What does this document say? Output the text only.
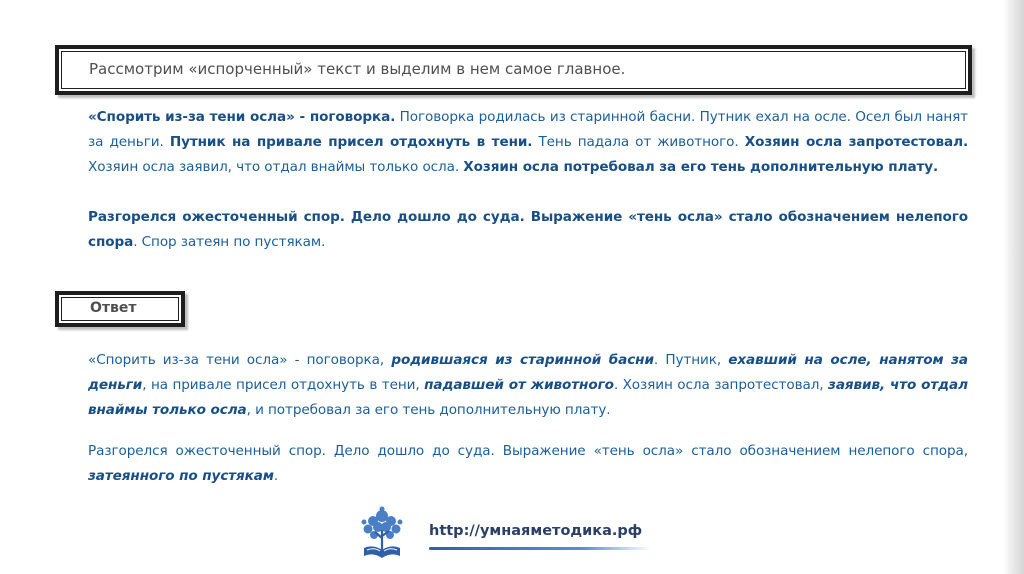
Рассмотрим «испорченный» текст и выделим в нем самое главное.
«Спорить из-за тени осла» - поговорка. Поговорка родилась из старинной басни. Путник ехал на осле. Осел был нанят за деньги. Путник на привале присел отдохнуть в тени. Тень падала от животного. Хозяин осла запротестовал. Хозяин осла заявил, что отдал внаймы только осла. Хозяин осла потребовал за его тень дополнительную плату.
Разгорелся ожесточенный спор. Дело дошло до суда. Выражение «тень осла» стало обозначением нелепого спора. Спор затеян по пустякам.
Ответ
«Спорить из-за тени осла» - поговорка, родившаяся из старинной басни. Путник, ехавший на осле, нанятом за деньги, на привале присел отдохнуть в тени, падавшей от животного. Хозяин осла запротестовал, заявив, что отдал внаймы только осла, и потребовал за его тень дополнительную плату.
Разгорелся ожесточенный спор. Дело дошло до суда. Выражение «тень осла» стало обозначением нелепого спора, затеянного по пустякам.
http://умнаяметодика.рф
